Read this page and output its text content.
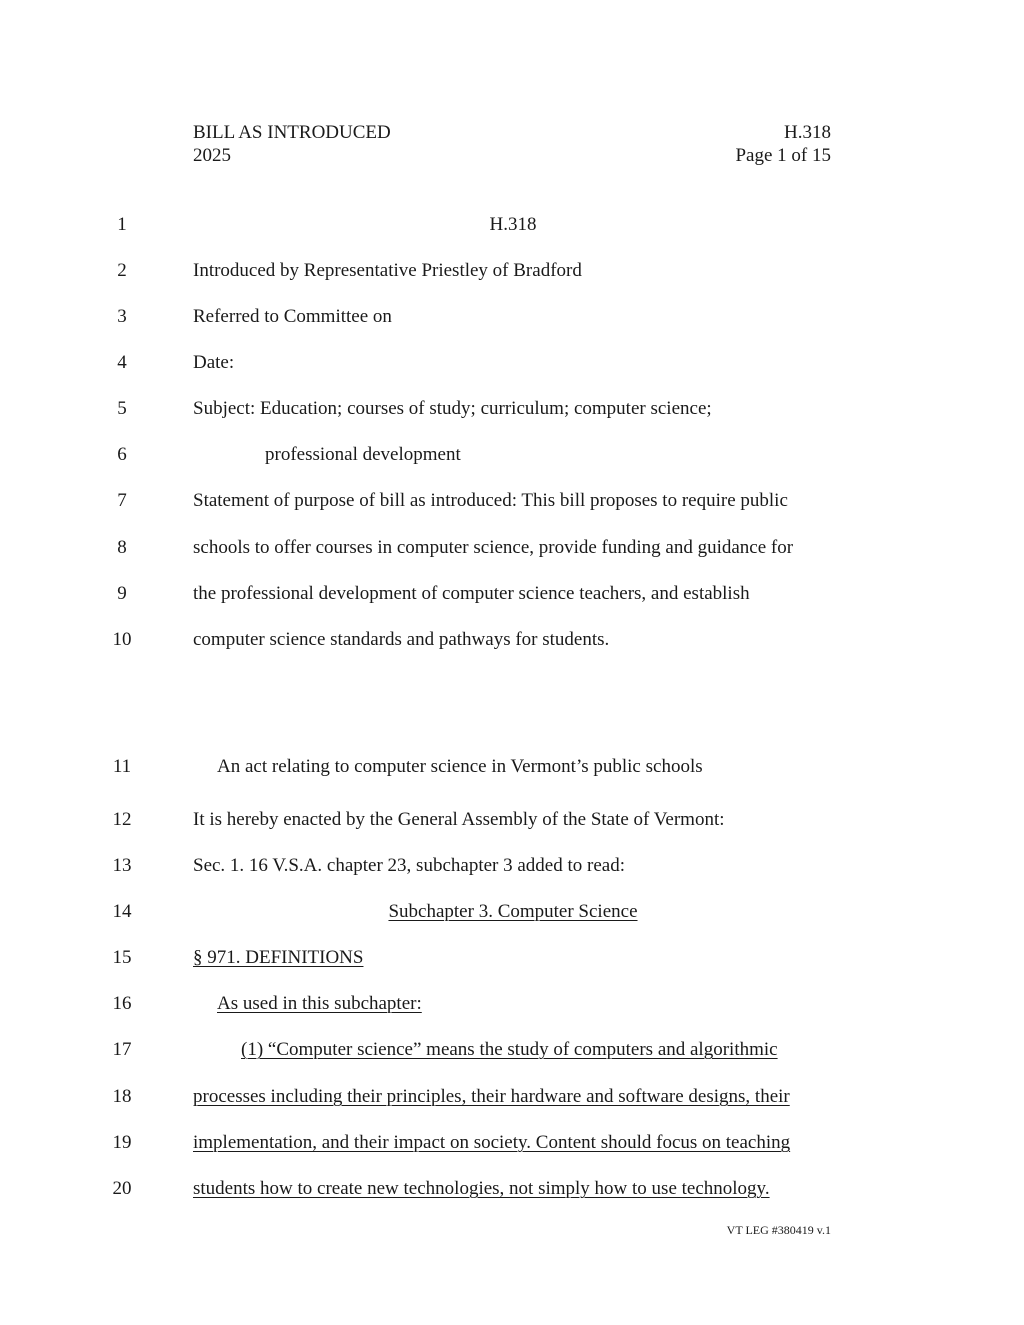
BILL AS INTRODUCED
2025
H.318
Page 1 of 15
1	H.318
2	Introduced by Representative Priestley of Bradford
3	Referred to Committee on
4	Date:
5	Subject: Education; courses of study; curriculum; computer science;
6	professional development
7	Statement of purpose of bill as introduced: This bill proposes to require public
8	schools to offer courses in computer science, provide funding and guidance for
9	the professional development of computer science teachers, and establish
10	computer science standards and pathways for students.
11	An act relating to computer science in Vermont’s public schools
12	It is hereby enacted by the General Assembly of the State of Vermont:
13	Sec. 1. 16 V.S.A. chapter 23, subchapter 3 added to read:
14	Subchapter 3. Computer Science
15	§ 971. DEFINITIONS
16	As used in this subchapter:
17	(1) “Computer science” means the study of computers and algorithmic
18	processes including their principles, their hardware and software designs, their
19	implementation, and their impact on society. Content should focus on teaching
20	students how to create new technologies, not simply how to use technology.
VT LEG #380419 v.1
